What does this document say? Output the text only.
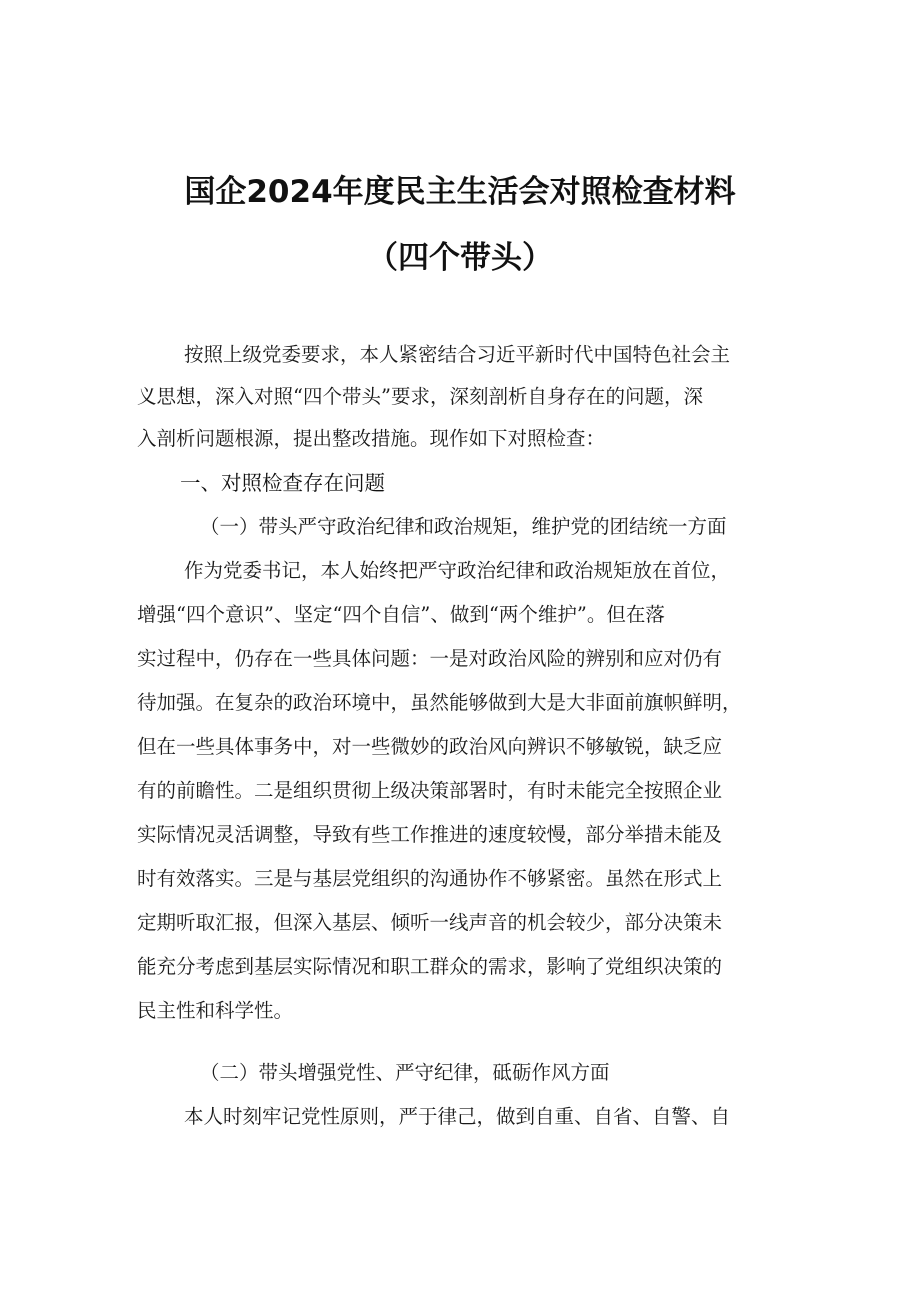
国企2024年度民主生活会对照检查材料
（四个带头）

按照上级党委要求，本人紧密结合习近平新时代中国特色社会主

义思想，深入对照“四个带头”要求，深刻剖析自身存在的问题，深

入剖析问题根源，提出整改措施。现作如下对照检查：

一、对照检查存在问题

（一）带头严守政治纪律和政治规矩，维护党的团结统一方面

作为党委书记，本人始终把严守政治纪律和政治规矩放在首位，

增强“四个意识”、坚定“四个自信”、做到“两个维护”。但在落

实过程中，仍存在一些具体问题：一是对政治风险的辨别和应对仍有

待加强。在复杂的政治环境中，虽然能够做到大是大非面前旗帜鲜明，

但在一些具体事务中，对一些微妙的政治风向辨识不够敏锐，缺乏应

有的前瞻性。二是组织贯彻上级决策部署时，有时未能完全按照企业

实际情况灵活调整，导致有些工作推进的速度较慢，部分举措未能及

时有效落实。三是与基层党组织的沟通协作不够紧密。虽然在形式上

定期听取汇报，但深入基层、倾听一线声音的机会较少，部分决策未

能充分考虑到基层实际情况和职工群众的需求，影响了党组织决策的

民主性和科学性。

（二）带头增强党性、严守纪律，砥砺作风方面

本人时刻牢记党性原则，严于律己，做到自重、自省、自警、自
